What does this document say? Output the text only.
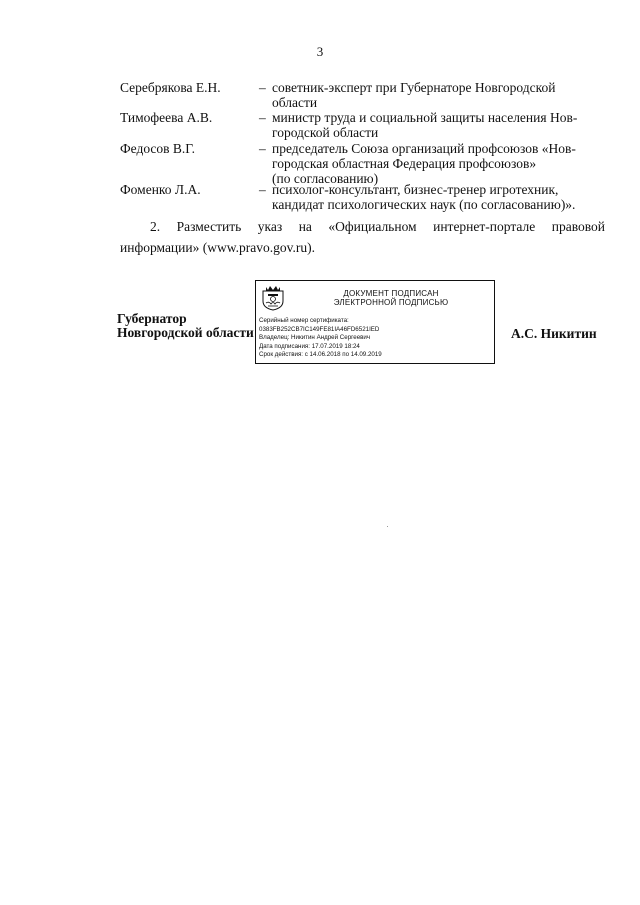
3
Серебрякова Е.Н.	– советник-эксперт при Губернаторе Новгородской
области
Тимофеева А.В.	– министр труда и социальной защиты населения Нов-
городской области
Федосов В.Г.	– председатель Союза организаций профсоюзов «Нов-
городская областная Федерация профсоюзов»
(по согласованию)
Фоменко Л.А.	– психолог-консультант, бизнес-тренер игротехник,
кандидат психологических наук (по согласованию)».
2. Разместить указ на «Официальном интернет-портале правовой
информации» (www.pravo.gov.ru).
Губернатор
Новгородской области
ДОКУМЕНТ ПОДПИСАН
ЭЛЕКТРОННОЙ ПОДПИСЬЮ
Серийный номер сертификата:
0383FB252CB7IC149FE81IA46FD6521IED
Владелец: Никитин Андрей Сергеевич
Дата подписания: 17.07.2019 18:24
Срок действия: с 14.06.2018 по 14.09.2019
А.С. Никитин
